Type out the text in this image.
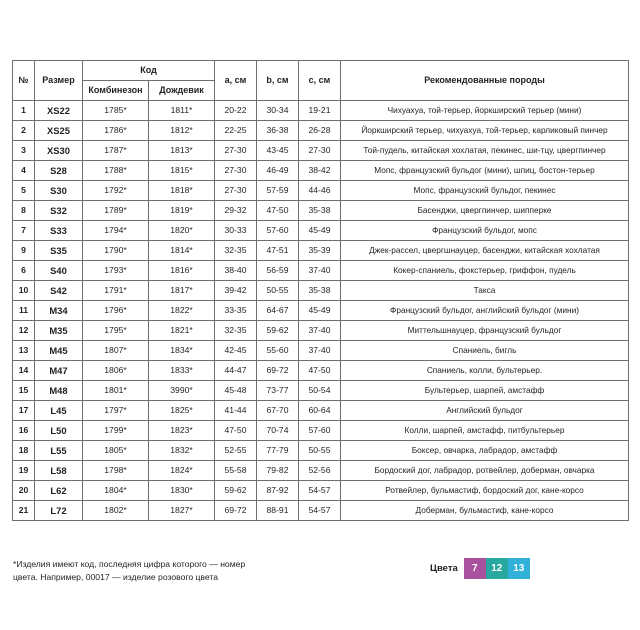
№	Размер	Код		a, см	b, см	c, см	Рекомендованные породы
		Комбинезон	Дождевик				
1	XS22	1785*	1811*	20-22	30-34	19-21	Чихуахуа, той-терьер, йоркширский терьер (мини)
2	XS25	1786*	1812*	22-25	36-38	26-28	Йоркширский терьер, чихуахуа, той-терьер, карликовый пинчер
3	XS30	1787*	1813*	27-30	43-45	27-30	Той-пудель, китайская хохлатая, пекинес, ши-тцу, цвергпинчер
4	S28	1788*	1815*	27-30	46-49	38-42	Мопс, французский бульдог (мини), шпиц, бостон-терьер
5	S30	1792*	1818*	27-30	57-59	44-46	Мопс, французский бульдог, пекинес
8	S32	1789*	1819*	29-32	47-50	35-38	Басенджи, цвергпинчер, шипперке
7	S33	1794*	1820*	30-33	57-60	45-49	Французский бульдог, мопс
9	S35	1790*	1814*	32-35	47-51	35-39	Джек-рассел, цвергшнауцер, басенджи, китайская хохлатая
6	S40	1793*	1816*	38-40	56-59	37-40	Кокер-спаниель, фокстерьер, гриффон, пудель
10	S42	1791*	1817*	39-42	50-55	35-38	Такса
11	M34	1796*	1822*	33-35	64-67	45-49	Французский бульдог, английский бульдог (мини)
12	M35	1795*	1821*	32-35	59-62	37-40	Миттельшнауцер, французский бульдог
13	M45	1807*	1834*	42-45	55-60	37-40	Спаниель, бигль
14	M47	1806*	1833*	44-47	69-72	47-50	Спаниель, колли, бультерьер.
15	M48	1801*	3990*	45-48	73-77	50-54	Бультерьер, шарпей, амстафф
17	L45	1797*	1825*	41-44	67-70	60-64	Английский бульдог
16	L50	1799*	1823*	47-50	70-74	57-60	Колли, шарпей, амстафф, питбультерьер
18	L55	1805*	1832*	52-55	77-79	50-55	Боксер, овчарка, лабрадор, амстафф
19	L58	1798*	1824*	55-58	79-82	52-56	Бордоский дог, лабрадор, ротвейлер, доберман, овчарка
20	L62	1804*	1830*	59-62	87-92	54-57	Ротвейлер, бульмастиф, бордоский дог, кане-корсо
21	L72	1802*	1827*	69-72	88-91	54-57	Доберман, бульмастиф, кане-корсо
*Изделия имеют код, последняя цифра которого — номер
цвета. Например, 00017 — изделие розового цвета
Цвета	7	12	13
